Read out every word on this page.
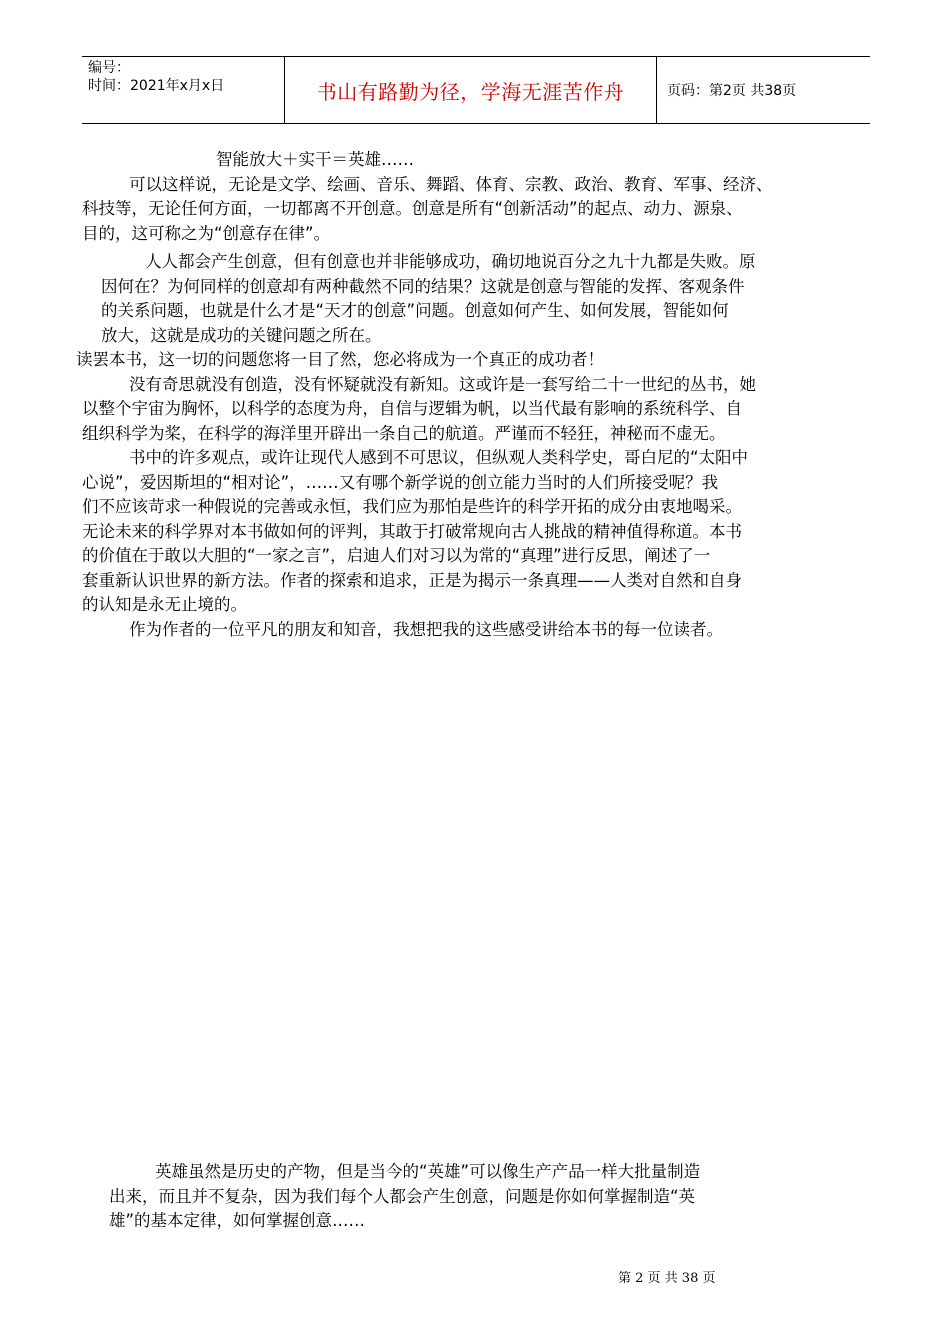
编号：
时间：2021年x月x日	书山有路勤为径，学海无涯苦作舟	页码：第2页 共38页
智能放大＋实干＝英雄……
可以这样说，无论是文学、绘画、音乐、舞蹈、体育、宗教、政治、教育、军事、经济、
科技等，无论任何方面，一切都离不开创意。创意是所有“创新活动”的起点、动力、源泉、
目的，这可称之为“创意存在律”。
人人都会产生创意，但有创意也并非能够成功，确切地说百分之九十九都是失败。原
因何在？为何同样的创意却有两种截然不同的结果？这就是创意与智能的发挥、客观条件
的关系问题，也就是什么才是“天才的创意”问题。创意如何产生、如何发展，智能如何
放大，这就是成功的关键问题之所在。
读罢本书，这一切的问题您将一目了然，您必将成为一个真正的成功者！
没有奇思就没有创造，没有怀疑就没有新知。这或许是一套写给二十一世纪的丛书，她
以整个宇宙为胸怀，以科学的态度为舟，自信与逻辑为帆，以当代最有影响的系统科学、自
组织科学为桨，在科学的海洋里开辟出一条自己的航道。严谨而不轻狂，神秘而不虚无。
书中的许多观点，或许让现代人感到不可思议，但纵观人类科学史，哥白尼的“太阳中
心说”，爱因斯坦的“相对论”，……又有哪个新学说的创立能力当时的人们所接受呢？我
们不应该苛求一种假说的完善或永恒，我们应为那怕是些许的科学开拓的成分由衷地喝采。
无论未来的科学界对本书做如何的评判，其敢于打破常规向古人挑战的精神值得称道。本书
的价值在于敢以大胆的“一家之言”，启迪人们对习以为常的“真理”进行反思，阐述了一
套重新认识世界的新方法。作者的探索和追求，正是为揭示一条真理——人类对自然和自身
的认知是永无止境的。
作为作者的一位平凡的朋友和知音，我想把我的这些感受讲给本书的每一位读者。
英雄虽然是历史的产物，但是当今的“英雄”可以像生产产品一样大批量制造
出来，而且并不复杂，因为我们每个人都会产生创意，问题是你如何掌握制造“英
雄”的基本定律，如何掌握创意……
第 2 页 共 38 页
